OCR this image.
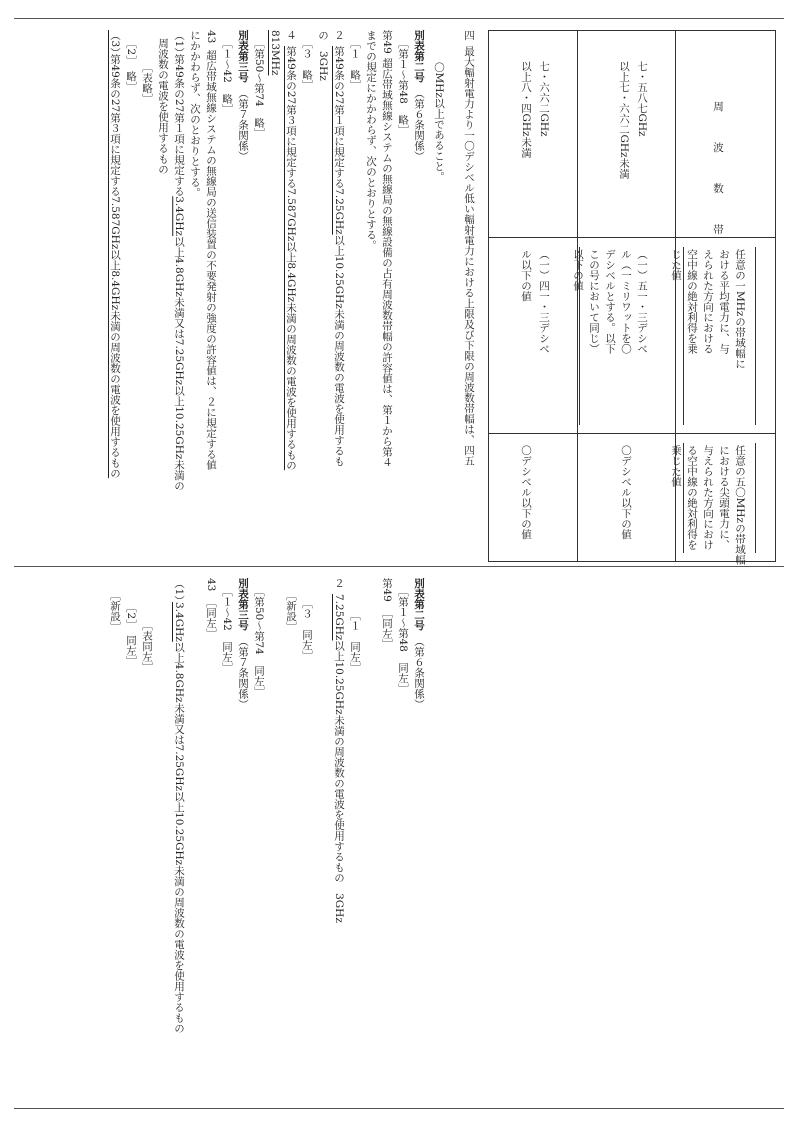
四
最大輻射電力より一〇デシベル低い輻射電力における上限及び下限の周波数帯幅は、四五
〇MHz以上であること。	周　波　数　帯
任意の一MHzの帯域幅に
おける平均電力に、与
えられた方向における
空中線の絶対利得を乗
じた値
任意の五〇MHzの帯域幅
における尖頭電力に、
与えられた方向におけ
る空中線の絶対利得を
乗じた値
七・五八七GHz
以上七・六六二GHz未満
（一）五一・三デシベ
ル（一ミリワットを〇
デシベルとする。以下
この号において同じ）
以下の値
〇デシベル以下の値
七・六六二GHz
以上八・四GHz未満
（一）四一・三デシベ
ル以下の値
〇デシベル以下の値
別表第二号
（第６条関係）
［第１～第48　略］
第49
超広帯域無線システムの無線局の無線設備の占有周波数帯幅の許容値は、第１から第４
までの規定にかかわらず、次のとおりとする。
［１　略］
２
第49条の27第１項に規定する7.25GHz以上10.25GHz未満の周波数の電波を使用するも
の　3GHz
［３　略］
４
第49条の27第３項に規定する7.587GHz以上8.4GHz未満の周波数の電波を使用するもの
813MHz
［第50～第74　略］
別表第三号
（第７条関係）
［１～42　略］
43
超広帯域無線システムの無線局の送信装置の不要発射の強度の許容値は、２に規定する値
にかかわらず、次のとおりとする。
（1）
第49条の27第１項に規定する3.4GHz以上4.8GHz未満又は7.25GHz以上10.25GHz未満の
周波数の電波を使用するもの
［表略］
［2］　略］
（3）
第49条の27第３項に規定する7.587GHz以上8.4GHz未満の周波数の電波を使用するもの
別表第二号
（第６条関係）
［第１～第48　同左］
第49　［同左］
［１　同左］
２
7.25GHz以上10.25GHz未満の周波数の電波を使用するもの　3GHz
［３　同左］
［新設］
［第50～第74　同左］
別表第三号
（第７条関係）
［１～42　同左］
43　［同左］
（1）
3.4GHz以上4.8GHz未満又は7.25GHz以上10.25GHz未満の周波数の電波を使用するもの
［表同左］
［2］　同左］
［新設］
